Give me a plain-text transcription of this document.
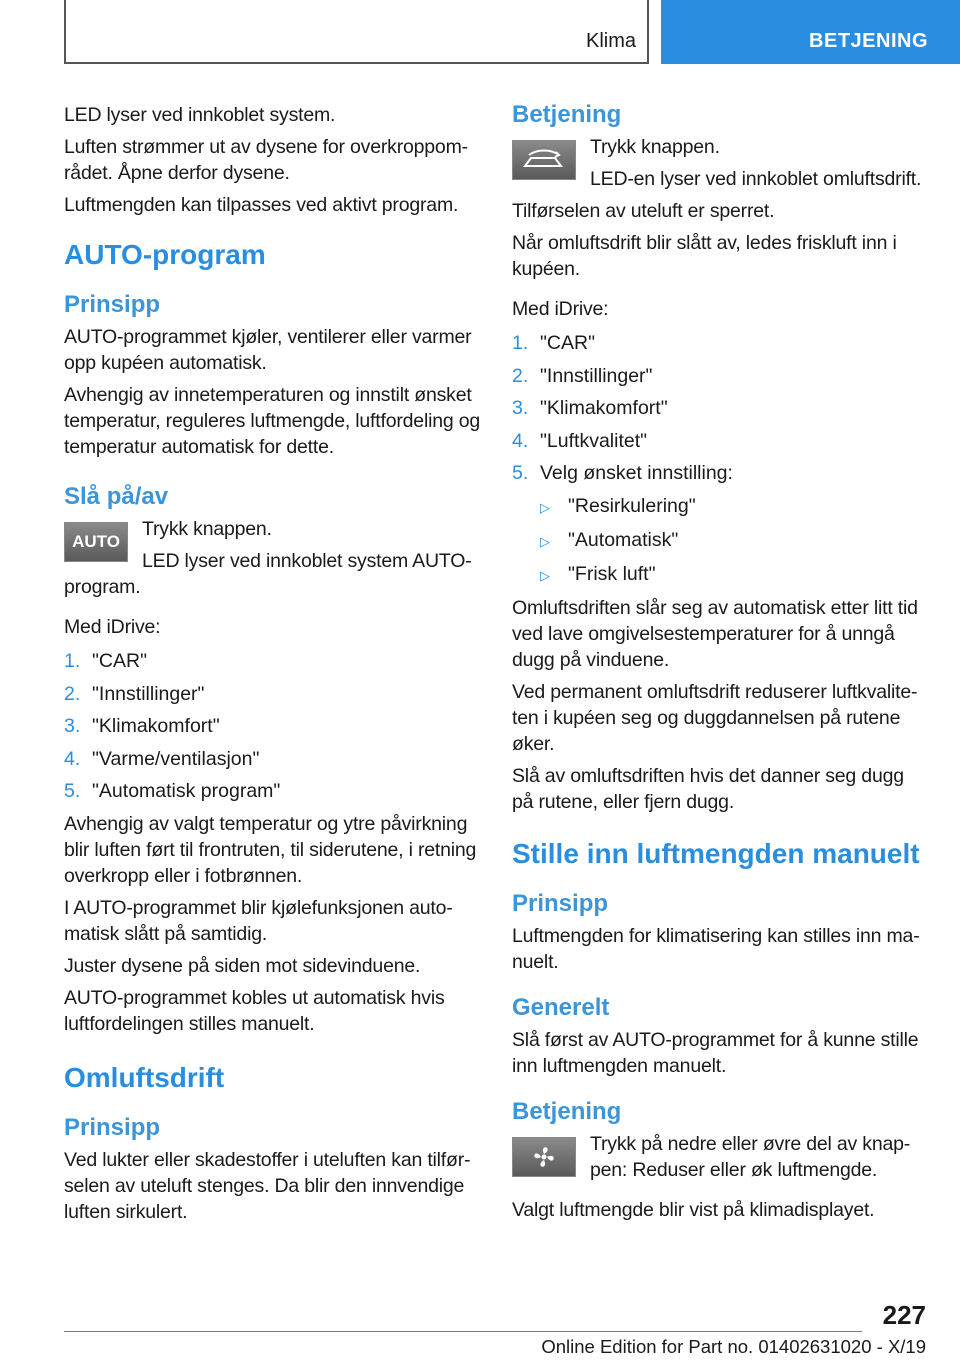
Klima	BETJENING
LED lyser ved innkoblet system.
Luften strømmer ut av dysene for overkroppområdet. Åpne derfor dysene.
Luftmengden kan tilpasses ved aktivt program.
AUTO-program
Prinsipp
AUTO-programmet kjøler, ventilerer eller varmer opp kupéen automatisk.
Avhengig av innetemperaturen og innstilt ønsket temperatur, reguleres luftmengde, luftfordeling og temperatur automatisk for dette.
Slå på/av
AUTO
Trykk knappen.
LED lyser ved innkoblet system AUTO-program.
Med iDrive:
1. "CAR"
2. "Innstillinger"
3. "Klimakomfort"
4. "Varme/ventilasjon"
5. "Automatisk program"
Avhengig av valgt temperatur og ytre påvirkning blir luften ført til frontruten, til siderutene, i retning overkropp eller i fotbrønnen.
I AUTO-programmet blir kjølefunksjonen automatisk slått på samtidig.
Juster dysene på siden mot sidevinduene.
AUTO-programmet kobles ut automatisk hvis luftfordelingen stilles manuelt.
Omluftsdrift
Prinsipp
Ved lukter eller skadestoffer i uteluften kan tilførselen av uteluft stenges. Da blir den innvendige luften sirkulert.
Betjening
Trykk knappen.
LED-en lyser ved innkoblet omluftsdrift.
Tilførselen av uteluft er sperret.
Når omluftsdrift blir slått av, ledes friskluft inn i kupéen.
Med iDrive:
1. "CAR"
2. "Innstillinger"
3. "Klimakomfort"
4. "Luftkvalitet"
5. Velg ønsket innstilling:
▷ "Resirkulering"
▷ "Automatisk"
▷ "Frisk luft"
Omluftsdriften slår seg av automatisk etter litt tid ved lave omgivelsestemperaturer for å unngå dugg på vinduene.
Ved permanent omluftsdrift reduserer luftkvaliteten i kupéen seg og duggdannelsen på rutene øker.
Slå av omluftsdriften hvis det danner seg dugg på rutene, eller fjern dugg.
Stille inn luftmengden manuelt
Prinsipp
Luftmengden for klimatisering kan stilles inn manuelt.
Generelt
Slå først av AUTO-programmet for å kunne stille inn luftmengden manuelt.
Betjening
Trykk på nedre eller øvre del av knappen: Reduser eller øk luftmengde.
Valgt luftmengde blir vist på klimadisplayet.
227
Online Edition for Part no. 01402631020 - X/19
